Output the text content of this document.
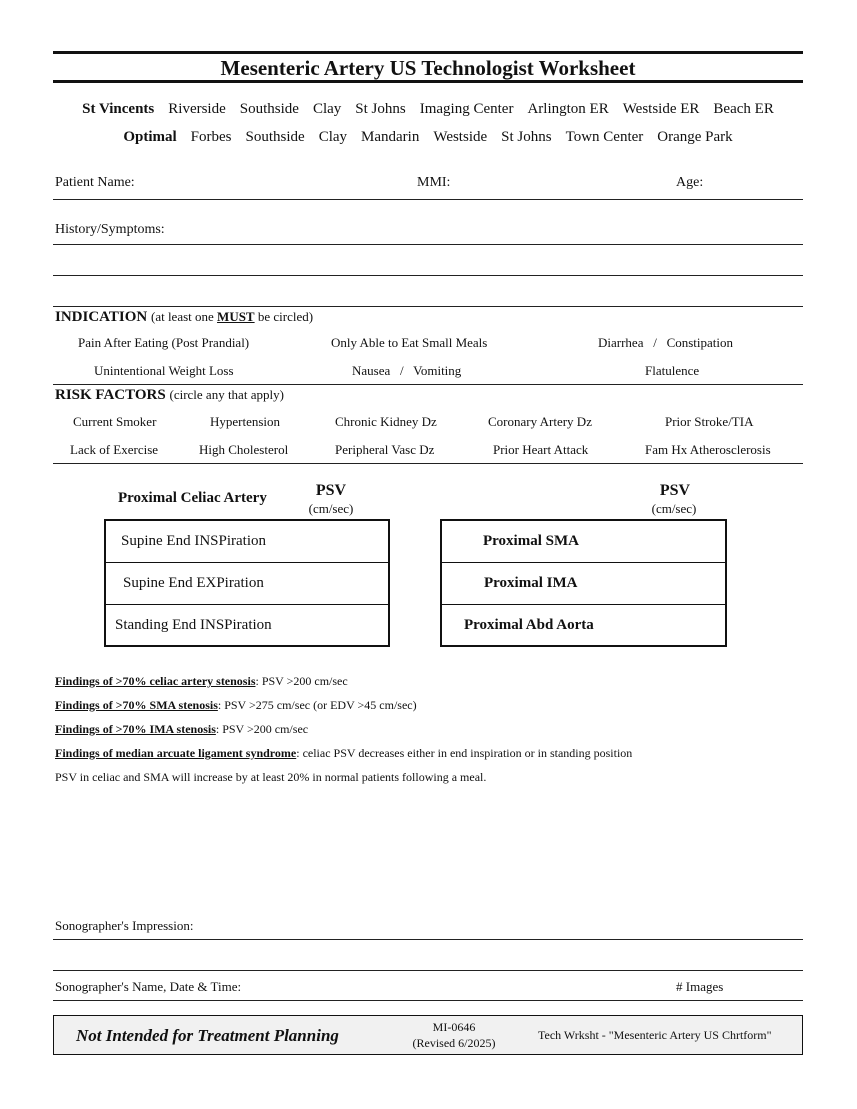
Mesenteric Artery US Technologist Worksheet
St Vincents Riverside Southside Clay St Johns Imaging Center Arlington ER Westside ER Beach ER
Optimal Forbes Southside Clay Mandarin Westside St Johns Town Center Orange Park
Patient Name:	MMI:	Age:
History/Symptoms:
INDICATION (at least one MUST be circled)
Pain After Eating (Post Prandial)	Only Able to Eat Small Meals	Diarrhea   /   Constipation
Unintentional Weight Loss	Nausea   /   Vomiting	Flatulence
RISK FACTORS (circle any that apply)
Current Smoker	Hypertension	Chronic Kidney Dz	Coronary Artery Dz	Prior Stroke/TIA
Lack of Exercise	High Cholesterol	Peripheral Vasc Dz	Prior Heart Attack	Fam Hx Atherosclerosis
Proximal Celiac Artery	PSV
(cm/sec)
Supine End INSPiration
Supine End EXPiration
Standing End INSPiration
PSV
(cm/sec)
Proximal SMA
Proximal IMA
Proximal Abd Aorta
Findings of >70% celiac artery stenosis: PSV >200 cm/sec
Findings of >70% SMA stenosis: PSV >275 cm/sec (or EDV >45 cm/sec)
Findings of >70% IMA stenosis: PSV >200 cm/sec
Findings of median arcuate ligament syndrome: celiac PSV decreases either in end inspiration or in standing position
PSV in celiac and SMA will increase by at least 20% in normal patients following a meal.
Sonographer's Impression:
Sonographer's Name, Date & Time:	# Images
Not Intended for Treatment Planning	MI-0646
(Revised 6/2025)
Tech Wrksht - "Mesenteric Artery US Chrtform"
